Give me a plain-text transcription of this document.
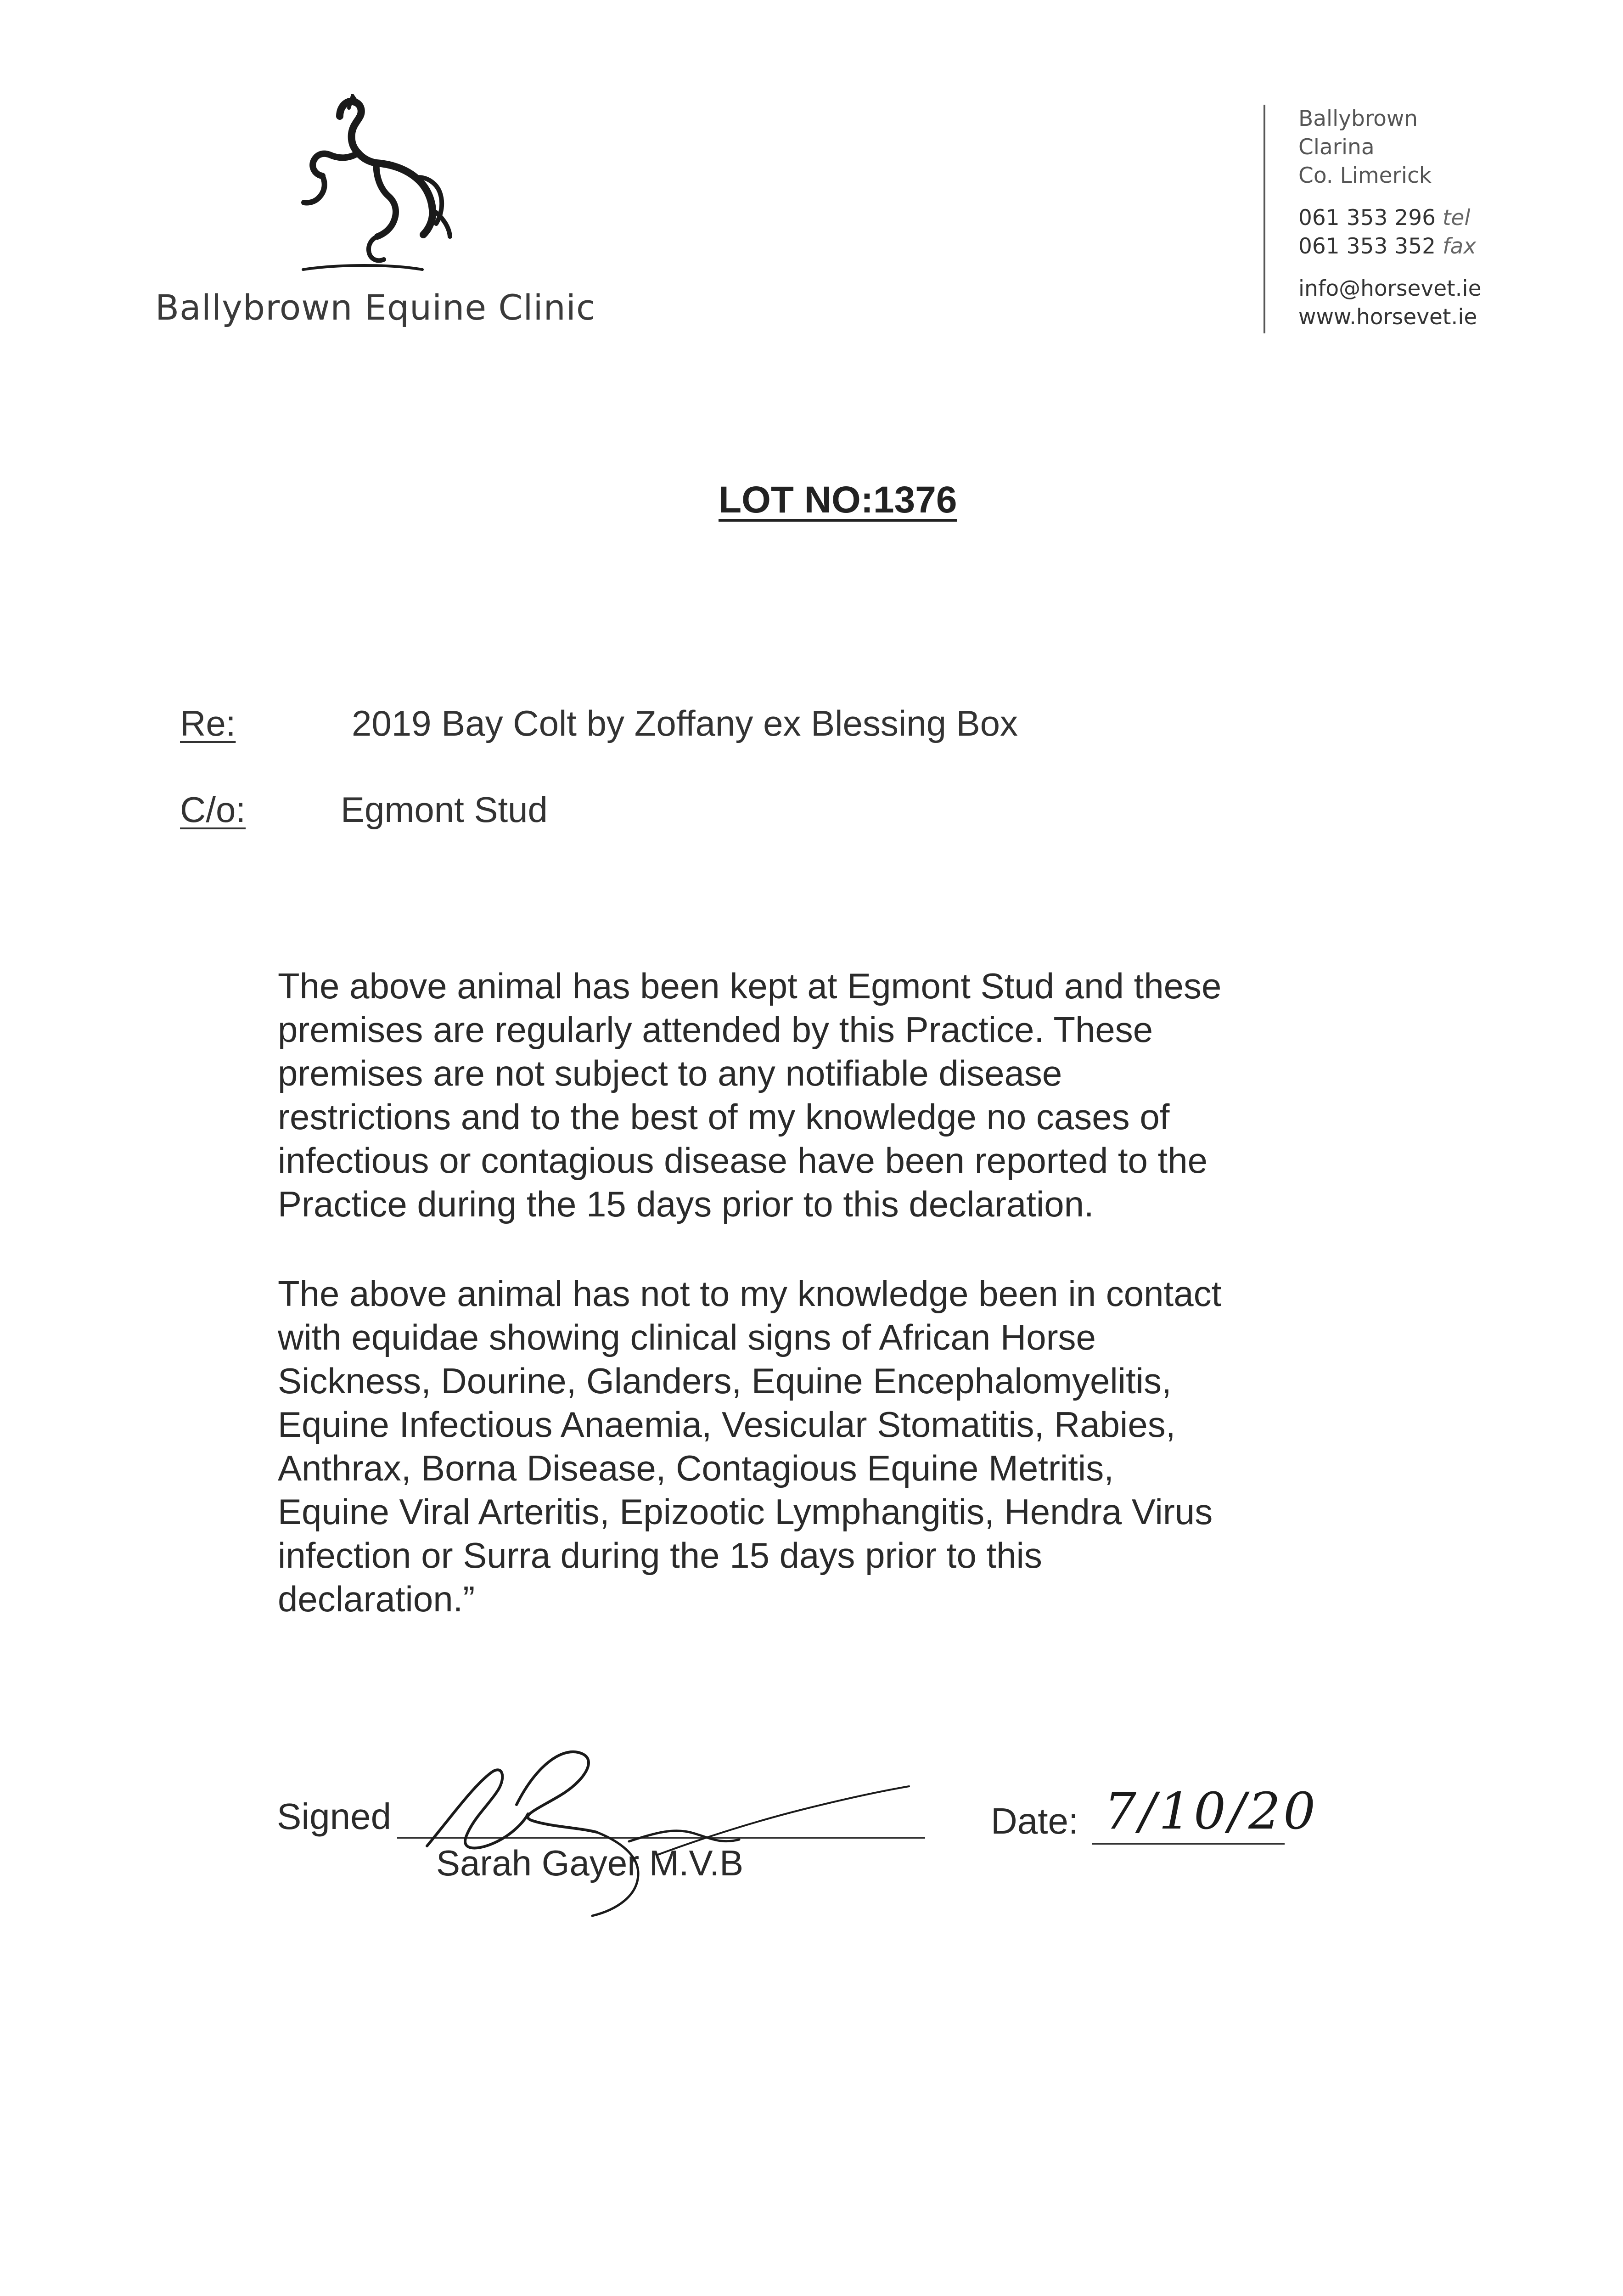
Ballybrown Equine Clinic
Ballybrown
Clarina
Co. Limerick
061 353 296 tel
061 353 352 fax
info@horsevet.ie
www.horsevet.ie
LOT NO:1376
Re:	2019 Bay Colt by Zoffany ex Blessing Box
C/o:	Egmont Stud
The above animal has been kept at Egmont Stud and these
premises are regularly attended by this Practice. These
premises are not subject to any notifiable disease
restrictions and to the best of my knowledge no cases of
infectious or contagious disease have been reported to the
Practice during the 15 days prior to this declaration.
The above animal has not to my knowledge been in contact
with equidae showing clinical signs of African Horse
Sickness, Dourine, Glanders, Equine Encephalomyelitis,
Equine Infectious Anaemia, Vesicular Stomatitis, Rabies,
Anthrax, Borna Disease, Contagious Equine Metritis,
Equine Viral Arteritis, Epizootic Lymphangitis, Hendra Virus
infection or Surra during the 15 days prior to this
declaration.”
Signed
Sarah Gayer M.V.B
Date: 7/10/20
